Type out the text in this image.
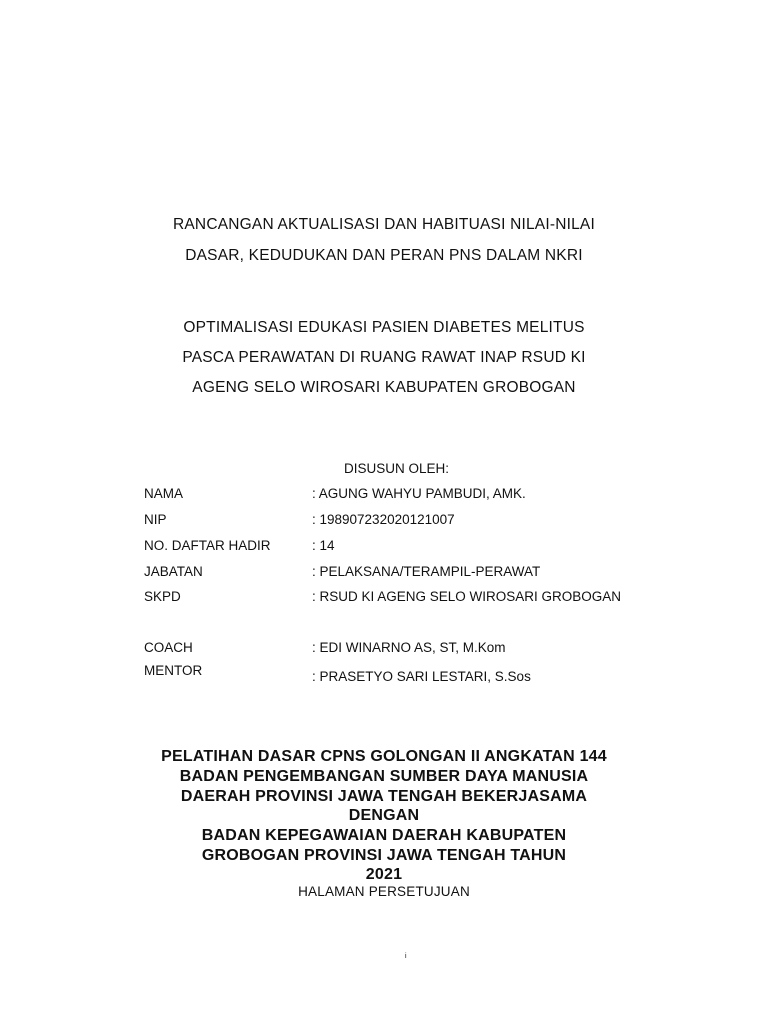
RANCANGAN AKTUALISASI DAN HABITUASI NILAI-NILAI
DASAR, KEDUDUKAN DAN PERAN PNS DALAM NKRI
OPTIMALISASI EDUKASI PASIEN DIABETES MELITUS
PASCA PERAWATAN DI RUANG RAWAT INAP RSUD KI
AGENG SELO WIROSARI KABUPATEN GROBOGAN
DISUSUN OLEH:
NAMA	: AGUNG WAHYU PAMBUDI, AMK.
NIP	: 198907232020121007
NO. DAFTAR HADIR	: 14
JABATAN	: PELAKSANA/TERAMPIL-PERAWAT
SKPD	: RSUD KI AGENG SELO WIROSARI GROBOGAN
COACH	: EDI WINARNO AS, ST, M.Kom
MENTOR	: PRASETYO SARI LESTARI, S.Sos
PELATIHAN DASAR CPNS GOLONGAN II ANGKATAN 144
BADAN PENGEMBANGAN SUMBER DAYA MANUSIA
DAERAH PROVINSI JAWA TENGAH BEKERJASAMA
DENGAN
BADAN KEPEGAWAIAN DAERAH KABUPATEN
GROBOGAN PROVINSI JAWA TENGAH TAHUN
2021
HALAMAN PERSETUJUAN
i
